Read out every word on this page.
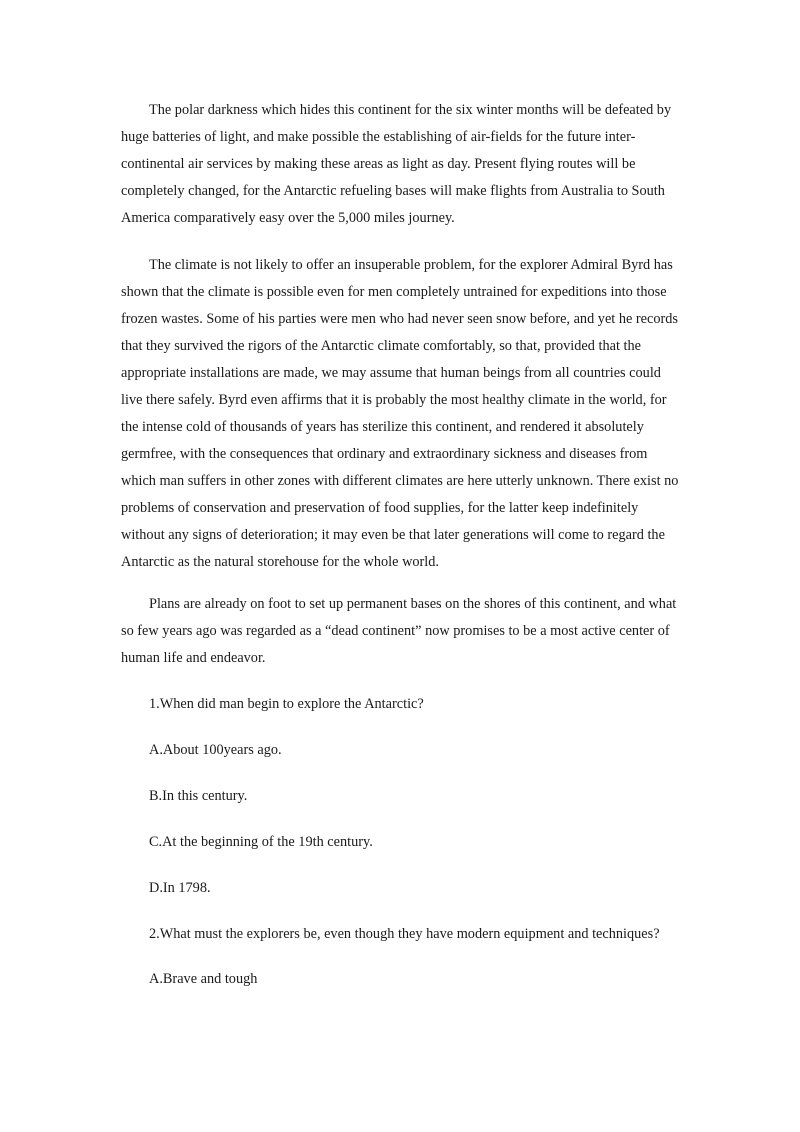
The polar darkness which hides this continent for the six winter months will be defeated by huge batteries of light, and make possible the establishing of air-fields for the future inter-continental air services by making these areas as light as day. Present flying routes will be completely changed, for the Antarctic refueling bases will make flights from Australia to South America comparatively easy over the 5,000 miles journey.

The climate is not likely to offer an insuperable problem, for the explorer Admiral Byrd has shown that the climate is possible even for men completely untrained for expeditions into those frozen wastes. Some of his parties were men who had never seen snow before, and yet he records that they survived the rigors of the Antarctic climate comfortably, so that, provided that the appropriate installations are made, we may assume that human beings from all countries could live there safely. Byrd even affirms that it is probably the most healthy climate in the world, for the intense cold of thousands of years has sterilize this continent, and rendered it absolutely germfree, with the consequences that ordinary and extraordinary sickness and diseases from which man suffers in other zones with different climates are here utterly unknown. There exist no problems of conservation and preservation of food supplies, for the latter keep indefinitely without any signs of deterioration; it may even be that later generations will come to regard the Antarctic as the natural storehouse for the whole world.

Plans are already on foot to set up permanent bases on the shores of this continent, and what so few years ago was regarded as a “dead continent” now promises to be a most active center of human life and endeavor.

1.When did man begin to explore the Antarctic?

A.About 100years ago.

B.In this century.

C.At the beginning of the 19th century.

D.In 1798.

2.What must the explorers be, even though they have modern equipment and techniques?

A.Brave and tough
